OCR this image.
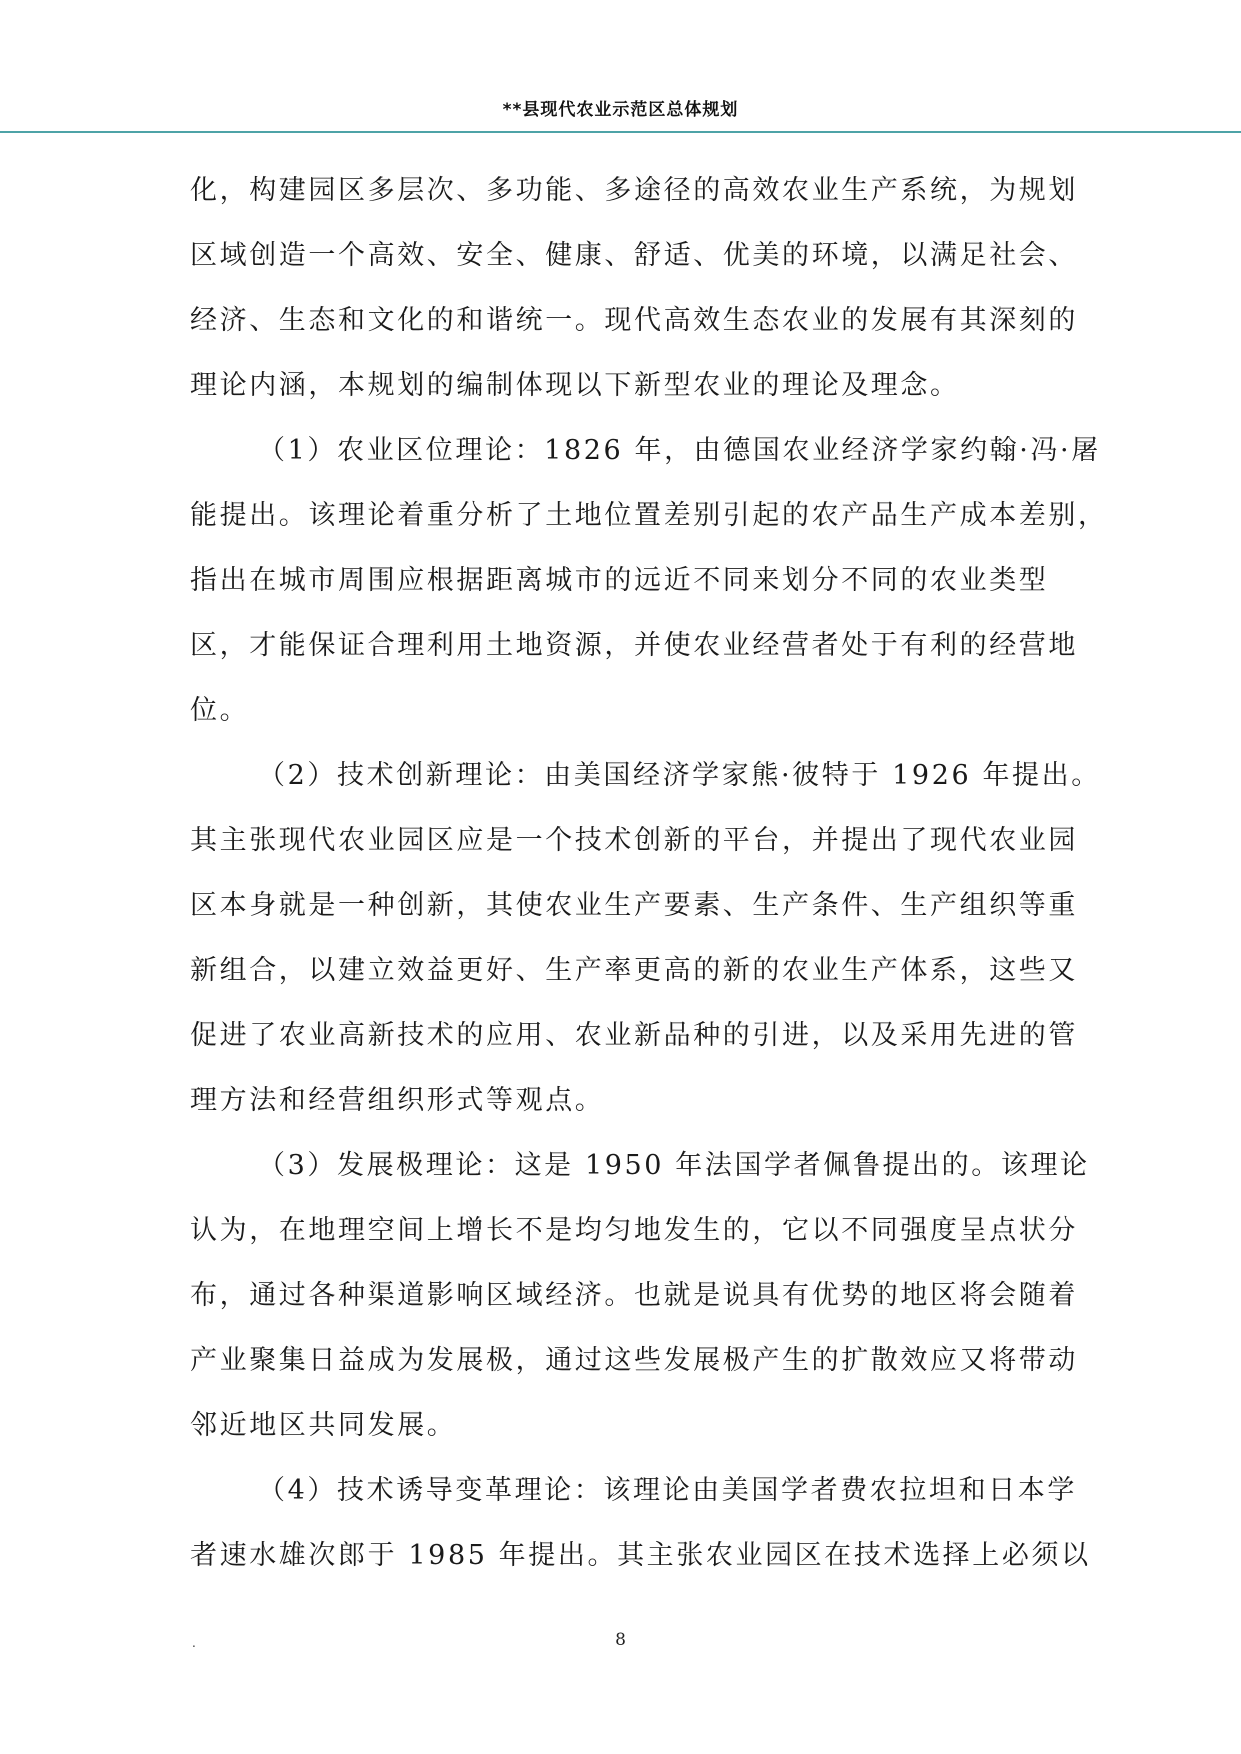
**县现代农业示范区总体规划

化，构建园区多层次、多功能、多途径的高效农业生产系统，为规划
区域创造一个高效、安全、健康、舒适、优美的环境，以满足社会、
经济、生态和文化的和谐统一。现代高效生态农业的发展有其深刻的
理论内涵，本规划的编制体现以下新型农业的理论及理念。

（1）农业区位理论：1826 年，由德国农业经济学家约翰·冯·屠
能提出。该理论着重分析了土地位置差别引起的农产品生产成本差别，
指出在城市周围应根据距离城市的远近不同来划分不同的农业类型
区，才能保证合理利用土地资源，并使农业经营者处于有利的经营地
位。

（2）技术创新理论：由美国经济学家熊·彼特于 1926 年提出。
其主张现代农业园区应是一个技术创新的平台，并提出了现代农业园
区本身就是一种创新，其使农业生产要素、生产条件、生产组织等重
新组合，以建立效益更好、生产率更高的新的农业生产体系，这些又
促进了农业高新技术的应用、农业新品种的引进，以及采用先进的管
理方法和经营组织形式等观点。

（3）发展极理论：这是 1950 年法国学者佩鲁提出的。该理论
认为，在地理空间上增长不是均匀地发生的，它以不同强度呈点状分
布，通过各种渠道影响区域经济。也就是说具有优势的地区将会随着
产业聚集日益成为发展极，通过这些发展极产生的扩散效应又将带动
邻近地区共同发展。

（4）技术诱导变革理论：该理论由美国学者费农拉坦和日本学
者速水雄次郎于 1985 年提出。其主张农业园区在技术选择上必须以

.	8
